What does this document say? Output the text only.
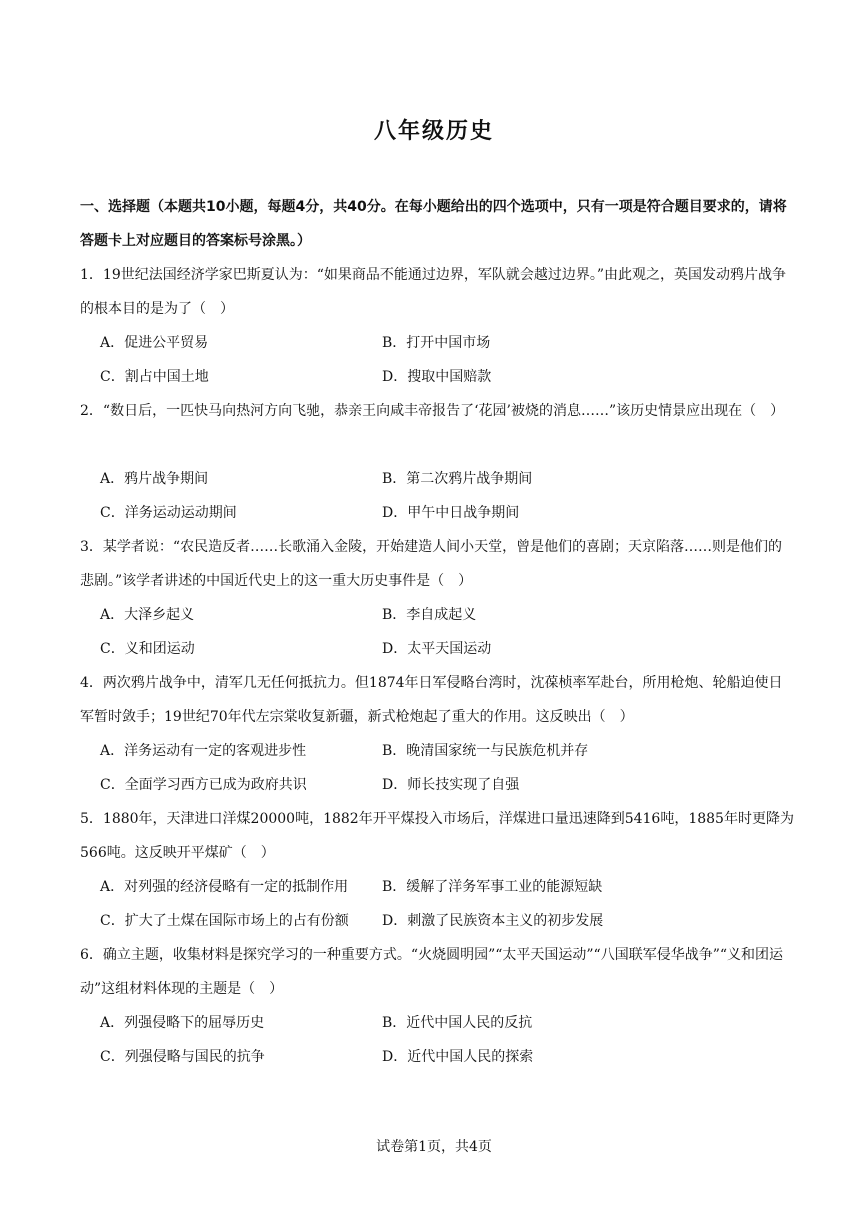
八年级历史
一、选择题（本题共10小题，每题4分，共40分。在每小题给出的四个选项中，只有一项是符合题目要求的，请将答题卡上对应题目的答案标号涂黑。）
1．19世纪法国经济学家巴斯夏认为：“如果商品不能通过边界，军队就会越过边界。”由此观之，英国发动鸦片战争的根本目的是为了（　）
A．促进公平贸易	B．打开中国市场
C．割占中国土地	D．搜取中国赔款
2．“数日后，一匹快马向热河方向飞驰，恭亲王向咸丰帝报告了‘花园’被烧的消息……”该历史情景应出现在（　）
A．鸦片战争期间	B．第二次鸦片战争期间
C．洋务运动运动期间	D．甲午中日战争期间
3．某学者说：“农民造反者……长歌涌入金陵，开始建造人间小天堂，曾是他们的喜剧；天京陷落……则是他们的悲剧。”该学者讲述的中国近代史上的这一重大历史事件是（　）
A．大泽乡起义	B．李自成起义
C．义和团运动	D．太平天国运动
4．两次鸦片战争中，清军几无任何抵抗力。但1874年日军侵略台湾时，沈葆桢率军赴台，所用枪炮、轮船迫使日军暂时敛手；19世纪70年代左宗棠收复新疆，新式枪炮起了重大的作用。这反映出（　）
A．洋务运动有一定的客观进步性	B．晚清国家统一与民族危机并存
C．全面学习西方已成为政府共识	D．师长技实现了自强
5．1880年，天津进口洋煤20000吨，1882年开平煤投入市场后，洋煤进口量迅速降到5416吨，1885年时更降为566吨。这反映开平煤矿（　）
A．对列强的经济侵略有一定的抵制作用 B．缓解了洋务军事工业的能源短缺
C．扩大了土煤在国际市场上的占有份额 D．刺激了民族资本主义的初步发展
6．确立主题，收集材料是探究学习的一种重要方式。“火烧圆明园”“太平天国运动”“八国联军侵华战争”“义和团运动”这组材料体现的主题是（　）
A．列强侵略下的屈辱历史	B．近代中国人民的反抗
C．列强侵略与国民的抗争	D．近代中国人民的探索
试卷第1页，共4页
